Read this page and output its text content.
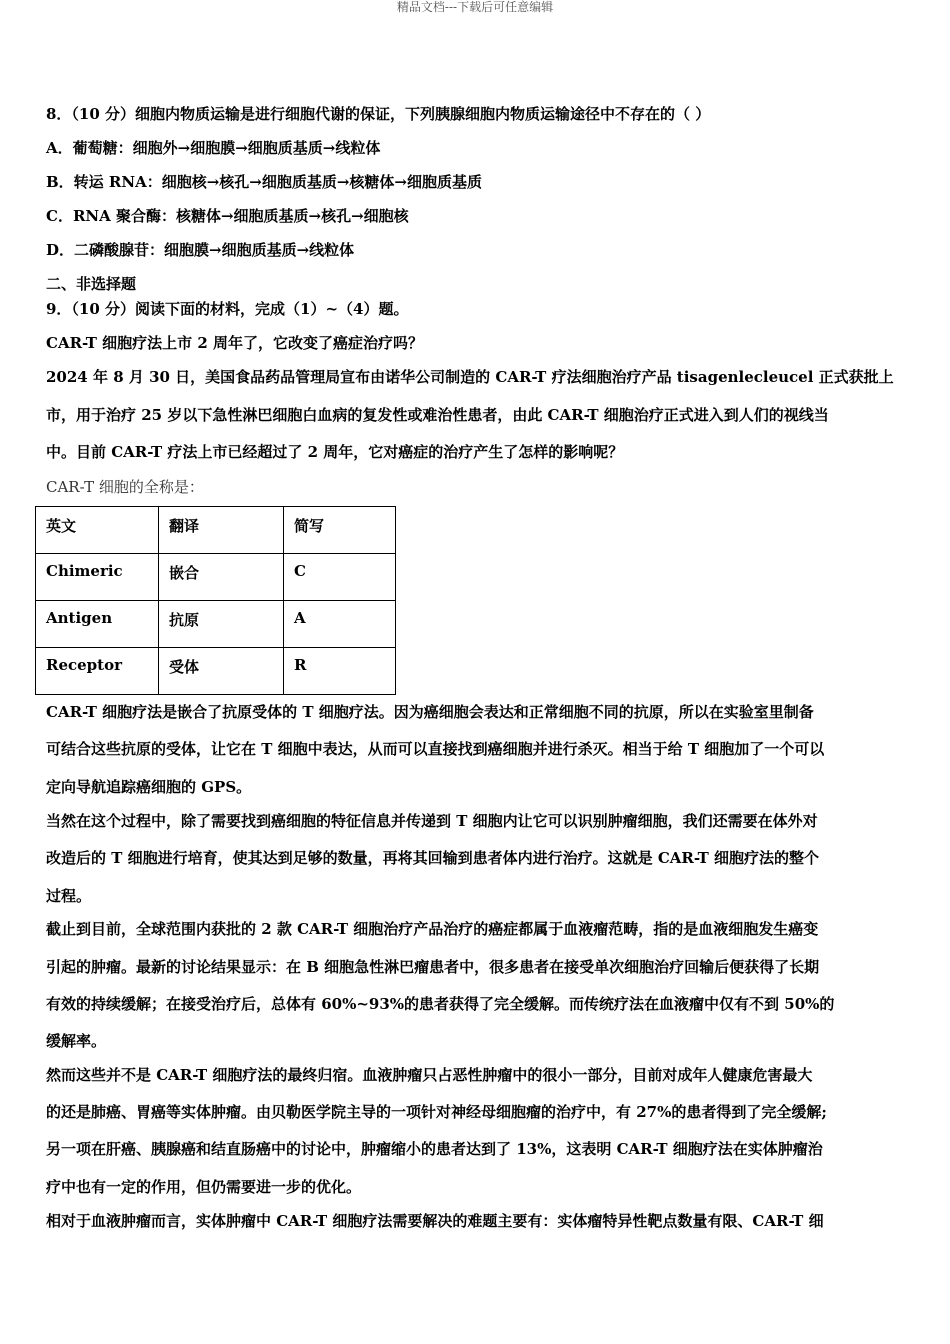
精品文档---下载后可任意编辑
8．（10 分）细胞内物质运输是进行细胞代谢的保证，下列胰腺细胞内物质运输途径中不存在的（ ）
A．葡萄糖：细胞外→细胞膜→细胞质基质→线粒体
B．转运 RNA：细胞核→核孔→细胞质基质→核糖体→细胞质基质
C．RNA 聚合酶：核糖体→细胞质基质→核孔→细胞核
D．二磷酸腺苷：细胞膜→细胞质基质→线粒体
二、非选择题
9．（10 分）阅读下面的材料，完成（1）~（4）题。
CAR-T 细胞疗法上市 2 周年了，它改变了癌症治疗吗？
2024 年 8 月 30 日，美国食品药品管理局宣布由诺华公司制造的 CAR-T 疗法细胞治疗产品 tisagenlecleucel 正式获批上
市，用于治疗 25 岁以下急性淋巴细胞白血病的复发性或难治性患者，由此 CAR-T 细胞治疗正式进入到人们的视线当
中。目前 CAR-T 疗法上市已经超过了 2 周年，它对癌症的治疗产生了怎样的影响呢？
CAR-T 细胞的全称是：
英文	翻译	简写
Chimeric	嵌合	C
Antigen	抗原	A
Receptor	受体	R
CAR-T 细胞疗法是嵌合了抗原受体的 T 细胞疗法。因为癌细胞会表达和正常细胞不同的抗原，所以在实验室里制备
可结合这些抗原的受体，让它在 T 细胞中表达，从而可以直接找到癌细胞并进行杀灭。相当于给 T 细胞加了一个可以
定向导航追踪癌细胞的 GPS。
当然在这个过程中，除了需要找到癌细胞的特征信息并传递到 T 细胞内让它可以识别肿瘤细胞，我们还需要在体外对
改造后的 T 细胞进行培育，使其达到足够的数量，再将其回输到患者体内进行治疗。这就是 CAR-T 细胞疗法的整个
过程。
截止到目前，全球范围内获批的 2 款 CAR-T 细胞治疗产品治疗的癌症都属于血液瘤范畴，指的是血液细胞发生癌变
引起的肿瘤。最新的讨论结果显示：在 B 细胞急性淋巴瘤患者中，很多患者在接受单次细胞治疗回输后便获得了长期
有效的持续缓解；在接受治疗后，总体有 60%~93%的患者获得了完全缓解。而传统疗法在血液瘤中仅有不到 50%的
缓解率。
然而这些并不是 CAR-T 细胞疗法的最终归宿。血液肿瘤只占恶性肿瘤中的很小一部分，目前对成年人健康危害最大
的还是肺癌、胃癌等实体肿瘤。由贝勒医学院主导的一项针对神经母细胞瘤的治疗中，有 27%的患者得到了完全缓解;
另一项在肝癌、胰腺癌和结直肠癌中的讨论中，肿瘤缩小的患者达到了 13%，这表明 CAR-T 细胞疗法在实体肿瘤治
疗中也有一定的作用，但仍需要进一步的优化。
相对于血液肿瘤而言，实体肿瘤中 CAR-T 细胞疗法需要解决的难题主要有：实体瘤特异性靶点数量有限、CAR-T 细
